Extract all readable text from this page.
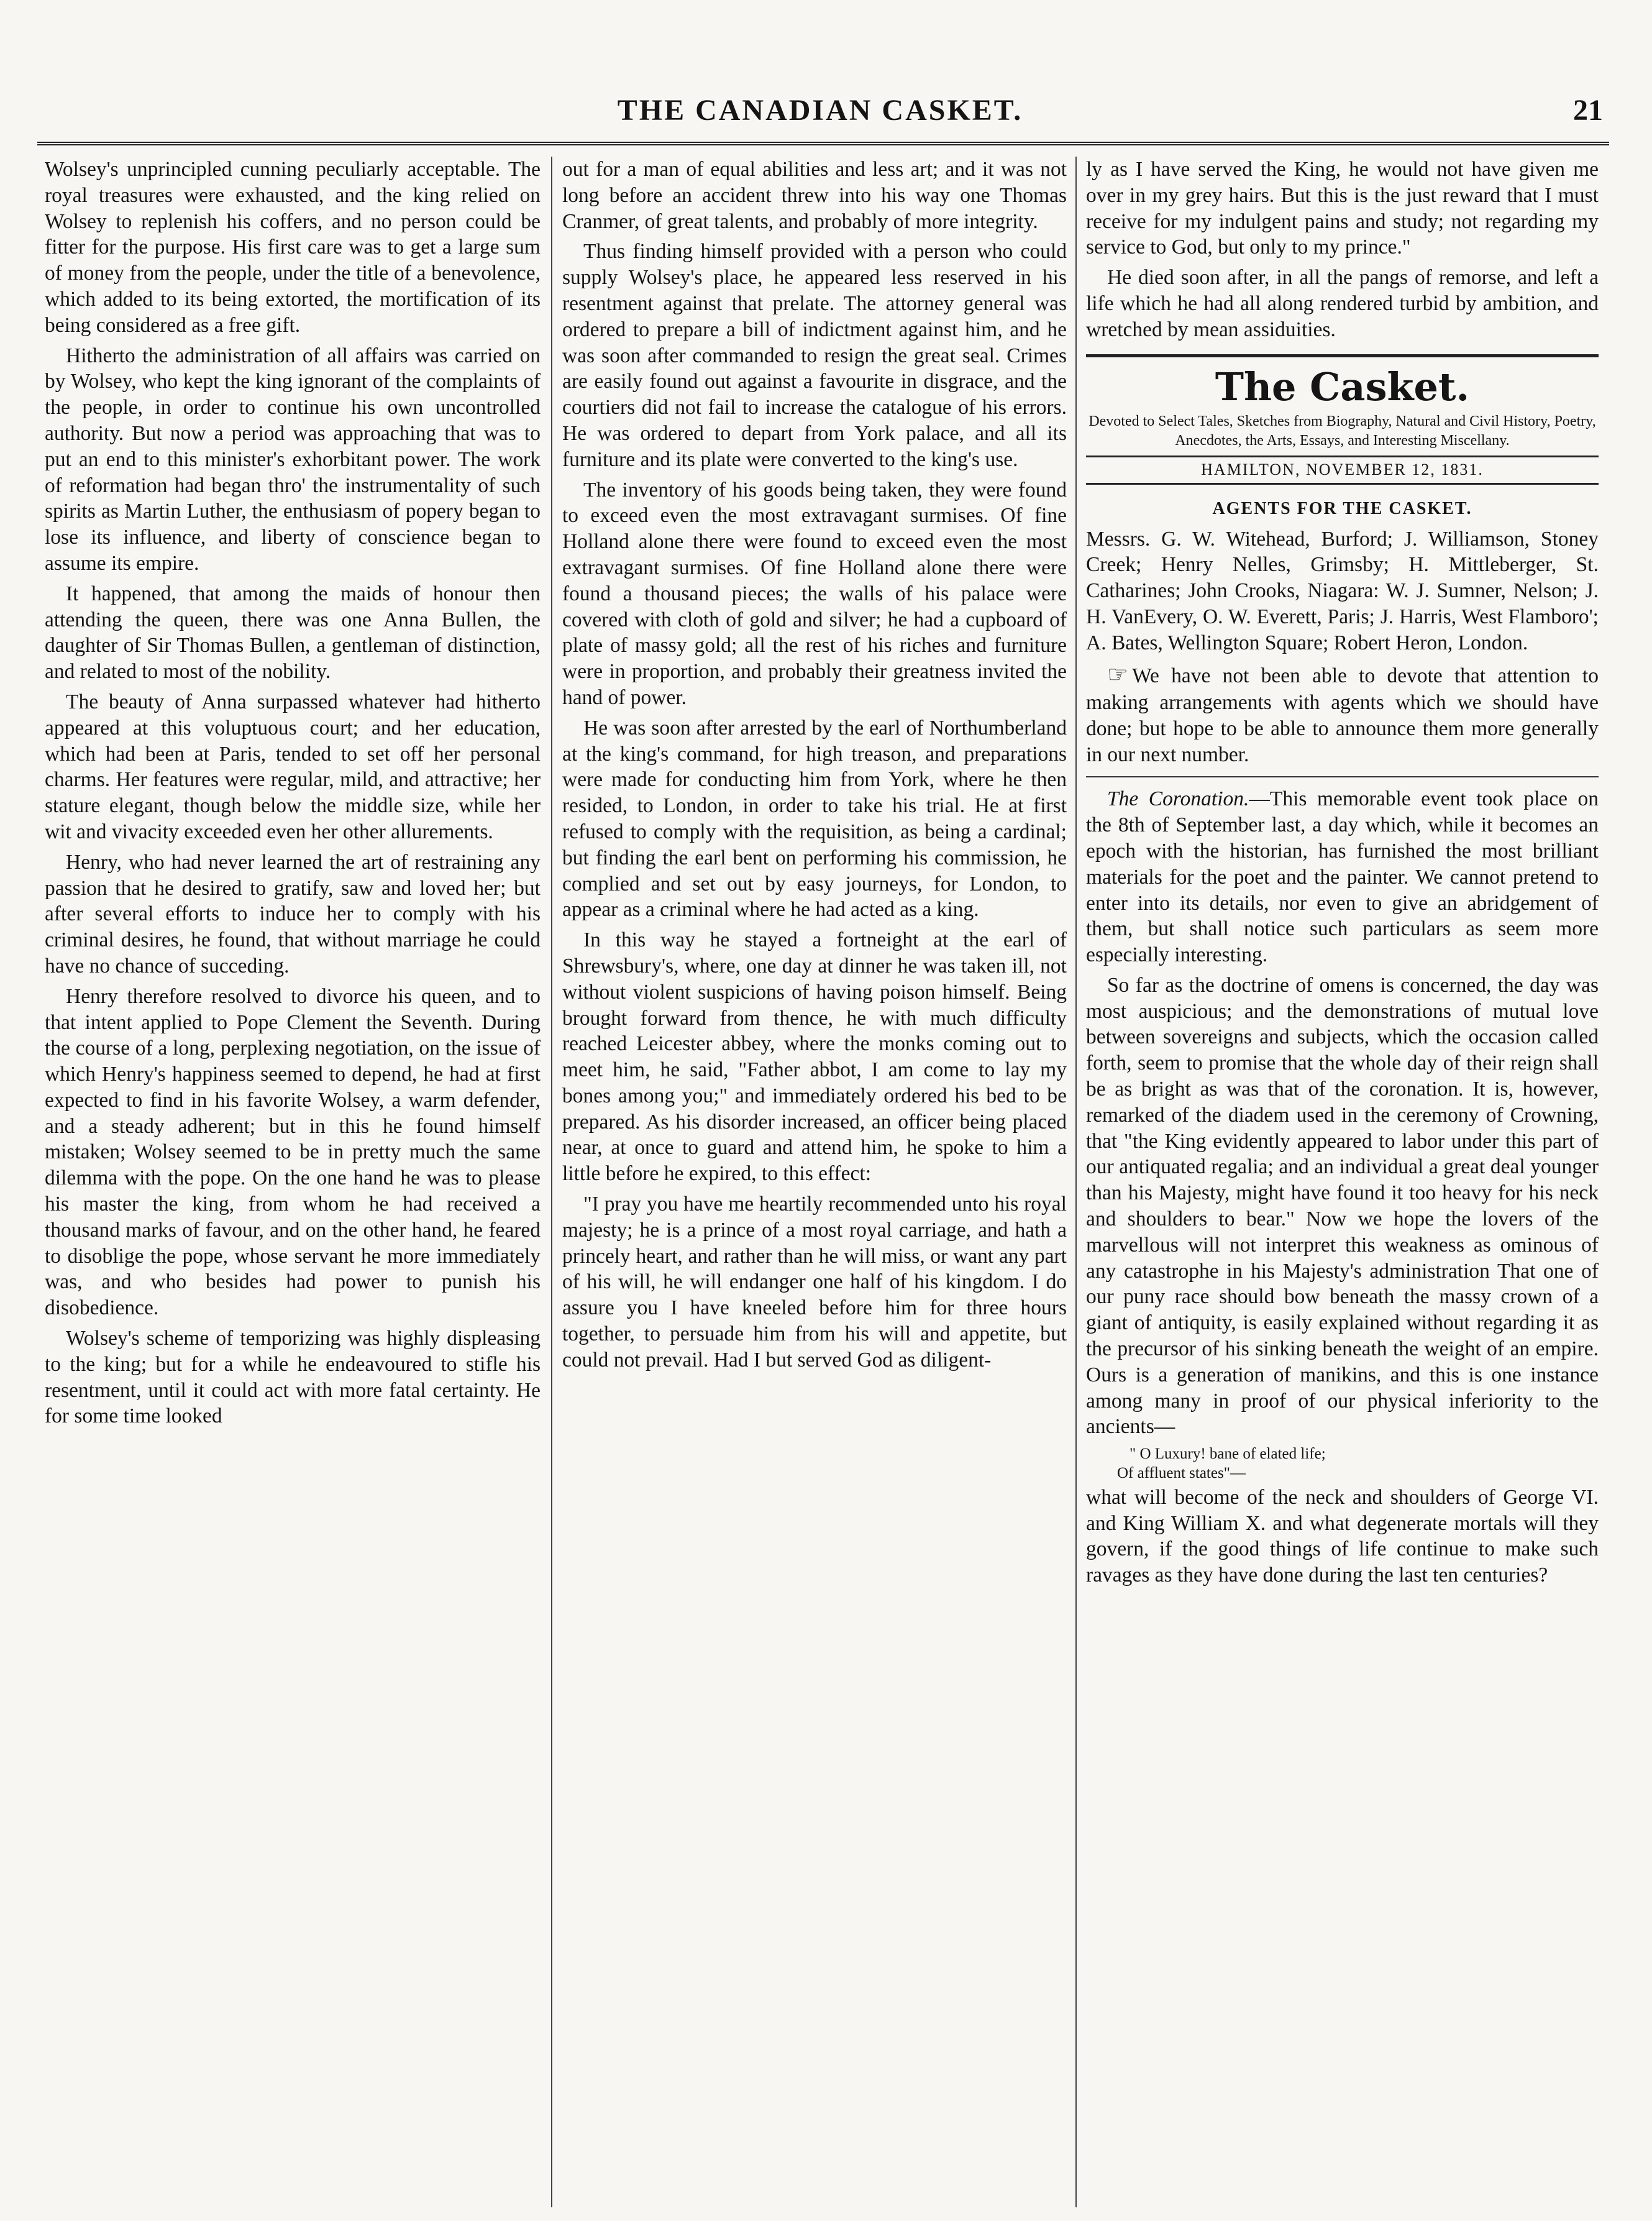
THE CANADIAN CASKET.	21

Wolsey's unprincipled cunning peculiarly acceptable. The royal treasures were exhausted, and the king relied on Wolsey to replenish his coffers, and no person could be fitter for the purpose. His first care was to get a large sum of money from the people, under the title of a benevolence, which added to its being extorted, the mortification of its being considered as a free gift.

Hitherto the administration of all affairs was carried on by Wolsey, who kept the king ignorant of the complaints of the people, in order to continue his own uncontrolled authority. But now a period was approaching that was to put an end to this minister's exhorbitant power. The work of reformation had began thro' the instrumentality of such spirits as Martin Luther, the enthusiasm of popery began to lose its influence, and liberty of conscience began to assume its empire.

It happened, that among the maids of honour then attending the queen, there was one Anna Bullen, the daughter of Sir Thomas Bullen, a gentleman of distinction, and related to most of the nobility.

The beauty of Anna surpassed whatever had hitherto appeared at this voluptuous court; and her education, which had been at Paris, tended to set off her personal charms. Her features were regular, mild, and attractive; her stature elegant, though below the middle size, while her wit and vivacity exceeded even her other allurements.

Henry, who had never learned the art of restraining any passion that he desired to gratify, saw and loved her; but after several efforts to induce her to comply with his criminal desires, he found, that without marriage he could have no chance of succeding.

Henry therefore resolved to divorce his queen, and to that intent applied to Pope Clement the Seventh. During the course of a long, perplexing negotiation, on the issue of which Henry's happiness seemed to depend, he had at first expected to find in his favorite Wolsey, a warm defender, and a steady adherent; but in this he found himself mistaken; Wolsey seemed to be in pretty much the same dilemma with the pope. On the one hand he was to please his master the king, from whom he had received a thousand marks of favour, and on the other hand, he feared to disoblige the pope, whose servant he more immediately was, and who besides had power to punish his disobedience.

Wolsey's scheme of temporizing was highly displeasing to the king; but for a while he endeavoured to stifle his resentment, until it could act with more fatal certainty. He for some time looked

out for a man of equal abilities and less art; and it was not long before an accident threw into his way one Thomas Cranmer, of great talents, and probably of more integrity.

Thus finding himself provided with a person who could supply Wolsey's place, he appeared less reserved in his resentment against that prelate. The attorney general was ordered to prepare a bill of indictment against him, and he was soon after commanded to resign the great seal. Crimes are easily found out against a favourite in disgrace, and the courtiers did not fail to increase the catalogue of his errors. He was ordered to depart from York palace, and all its furniture and its plate were converted to the king's use.

The inventory of his goods being taken, they were found to exceed even the most extravagant surmises. Of fine Holland alone there were found to exceed even the most extravagant surmises. Of fine Holland alone there were found a thousand pieces; the walls of his palace were covered with cloth of gold and silver; he had a cupboard of plate of massy gold; all the rest of his riches and furniture were in proportion, and probably their greatness invited the hand of power.

He was soon after arrested by the earl of Northumberland at the king's command, for high treason, and preparations were made for conducting him from York, where he then resided, to London, in order to take his trial. He at first refused to comply with the requisition, as being a cardinal; but finding the earl bent on performing his commission, he complied and set out by easy journeys, for London, to appear as a criminal where he had acted as a king.

In this way he stayed a fortneight at the earl of Shrewsbury's, where, one day at dinner he was taken ill, not without violent suspicions of having poison himself. Being brought forward from thence, he with much difficulty reached Leicester abbey, where the monks coming out to meet him, he said, "Father abbot, I am come to lay my bones among you;" and immediately ordered his bed to be prepared. As his disorder increased, an officer being placed near, at once to guard and attend him, he spoke to him a little before he expired, to this effect:

"I pray you have me heartily recommended unto his royal majesty; he is a prince of a most royal carriage, and hath a princely heart, and rather than he will miss, or want any part of his will, he will endanger one half of his kingdom. I do assure you I have kneeled before him for three hours together, to persuade him from his will and appetite, but could not prevail. Had I but served God as diligent-

ly as I have served the King, he would not have given me over in my grey hairs. But this is the just reward that I must receive for my indulgent pains and study; not regarding my service to God, but only to my prince."

He died soon after, in all the pangs of remorse, and left a life which he had all along rendered turbid by ambition, and wretched by mean assiduities.

The Casket.
Devoted to Select Tales, Sketches from Biography, Natural and Civil History, Poetry, Anecdotes, the Arts, Essays, and Interesting Miscellany.
HAMILTON, NOVEMBER 12, 1831.
AGENTS FOR THE CASKET.

Messrs. G. W. Witehead, Burford; J. Williamson, Stoney Creek; Henry Nelles, Grimsby; H. Mittleberger, St. Catharines; John Crooks, Niagara: W. J. Sumner, Nelson; J. H. VanEvery, O. W. Everett, Paris; J. Harris, West Flamboro'; A. Bates, Wellington Square; Robert Heron, London.

☞ We have not been able to devote that attention to making arrangements with agents which we should have done; but hope to be able to announce them more generally in our next number.

The Coronation.—This memorable event took place on the 8th of September last, a day which, while it becomes an epoch with the historian, has furnished the most brilliant materials for the poet and the painter. We cannot pretend to enter into its details, nor even to give an abridgement of them, but shall notice such particulars as seem more especially interesting.

So far as the doctrine of omens is concerned, the day was most auspicious; and the demonstrations of mutual love between sovereigns and subjects, which the occasion called forth, seem to promise that the whole day of their reign shall be as bright as was that of the coronation. It is, however, remarked of the diadem used in the ceremony of Crowning, that "the King evidently appeared to labor under this part of our antiquated regalia; and an individual a great deal younger than his Majesty, might have found it too heavy for his neck and shoulders to bear." Now we hope the lovers of the marvellous will not interpret this weakness as ominous of any catastrophe in his Majesty's administration That one of our puny race should bow beneath the massy crown of a giant of antiquity, is easily explained without regarding it as the precursor of his sinking beneath the weight of an empire. Ours is a generation of manikins, and this is one instance among many in proof of our physical inferiority to the ancients—

" O Luxury! bane of elated life;
Of affluent states"—

what will become of the neck and shoulders of George VI. and King William X. and what degenerate mortals will they govern, if the good things of life continue to make such ravages as they have done during the last ten centuries?
